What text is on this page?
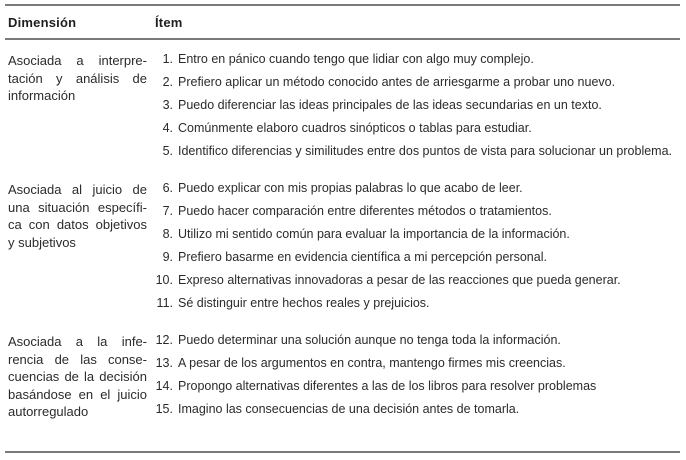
Dimensión	Ítem
Asociada a interpre-
tación y análisis de
información
1. Entro en pánico cuando tengo que lidiar con algo muy complejo.
2. Prefiero aplicar un método conocido antes de arriesgarme a probar uno nuevo.
3. Puedo diferenciar las ideas principales de las ideas secundarias en un texto.
4. Comúnmente elaboro cuadros sinópticos o tablas para estudiar.
5. Identifico diferencias y similitudes entre dos puntos de vista para solucionar un problema.
Asociada al juicio de
una situación específi-
ca con datos objetivos
y subjetivos
6. Puedo explicar con mis propias palabras lo que acabo de leer.
7. Puedo hacer comparación entre diferentes métodos o tratamientos.
8. Utilizo mi sentido común para evaluar la importancia de la información.
9. Prefiero basarme en evidencia científica a mi percepción personal.
10. Expreso alternativas innovadoras a pesar de las reacciones que pueda generar.
11. Sé distinguir entre hechos reales y prejuicios.
Asociada a la infe-
rencia de las conse-
cuencias de la decisión
basándose en el juicio
autorregulado
12. Puedo determinar una solución aunque no tenga toda la información.
13. A pesar de los argumentos en contra, mantengo firmes mis creencias.
14. Propongo alternativas diferentes a las de los libros para resolver problemas
15. Imagino las consecuencias de una decisión antes de tomarla.
